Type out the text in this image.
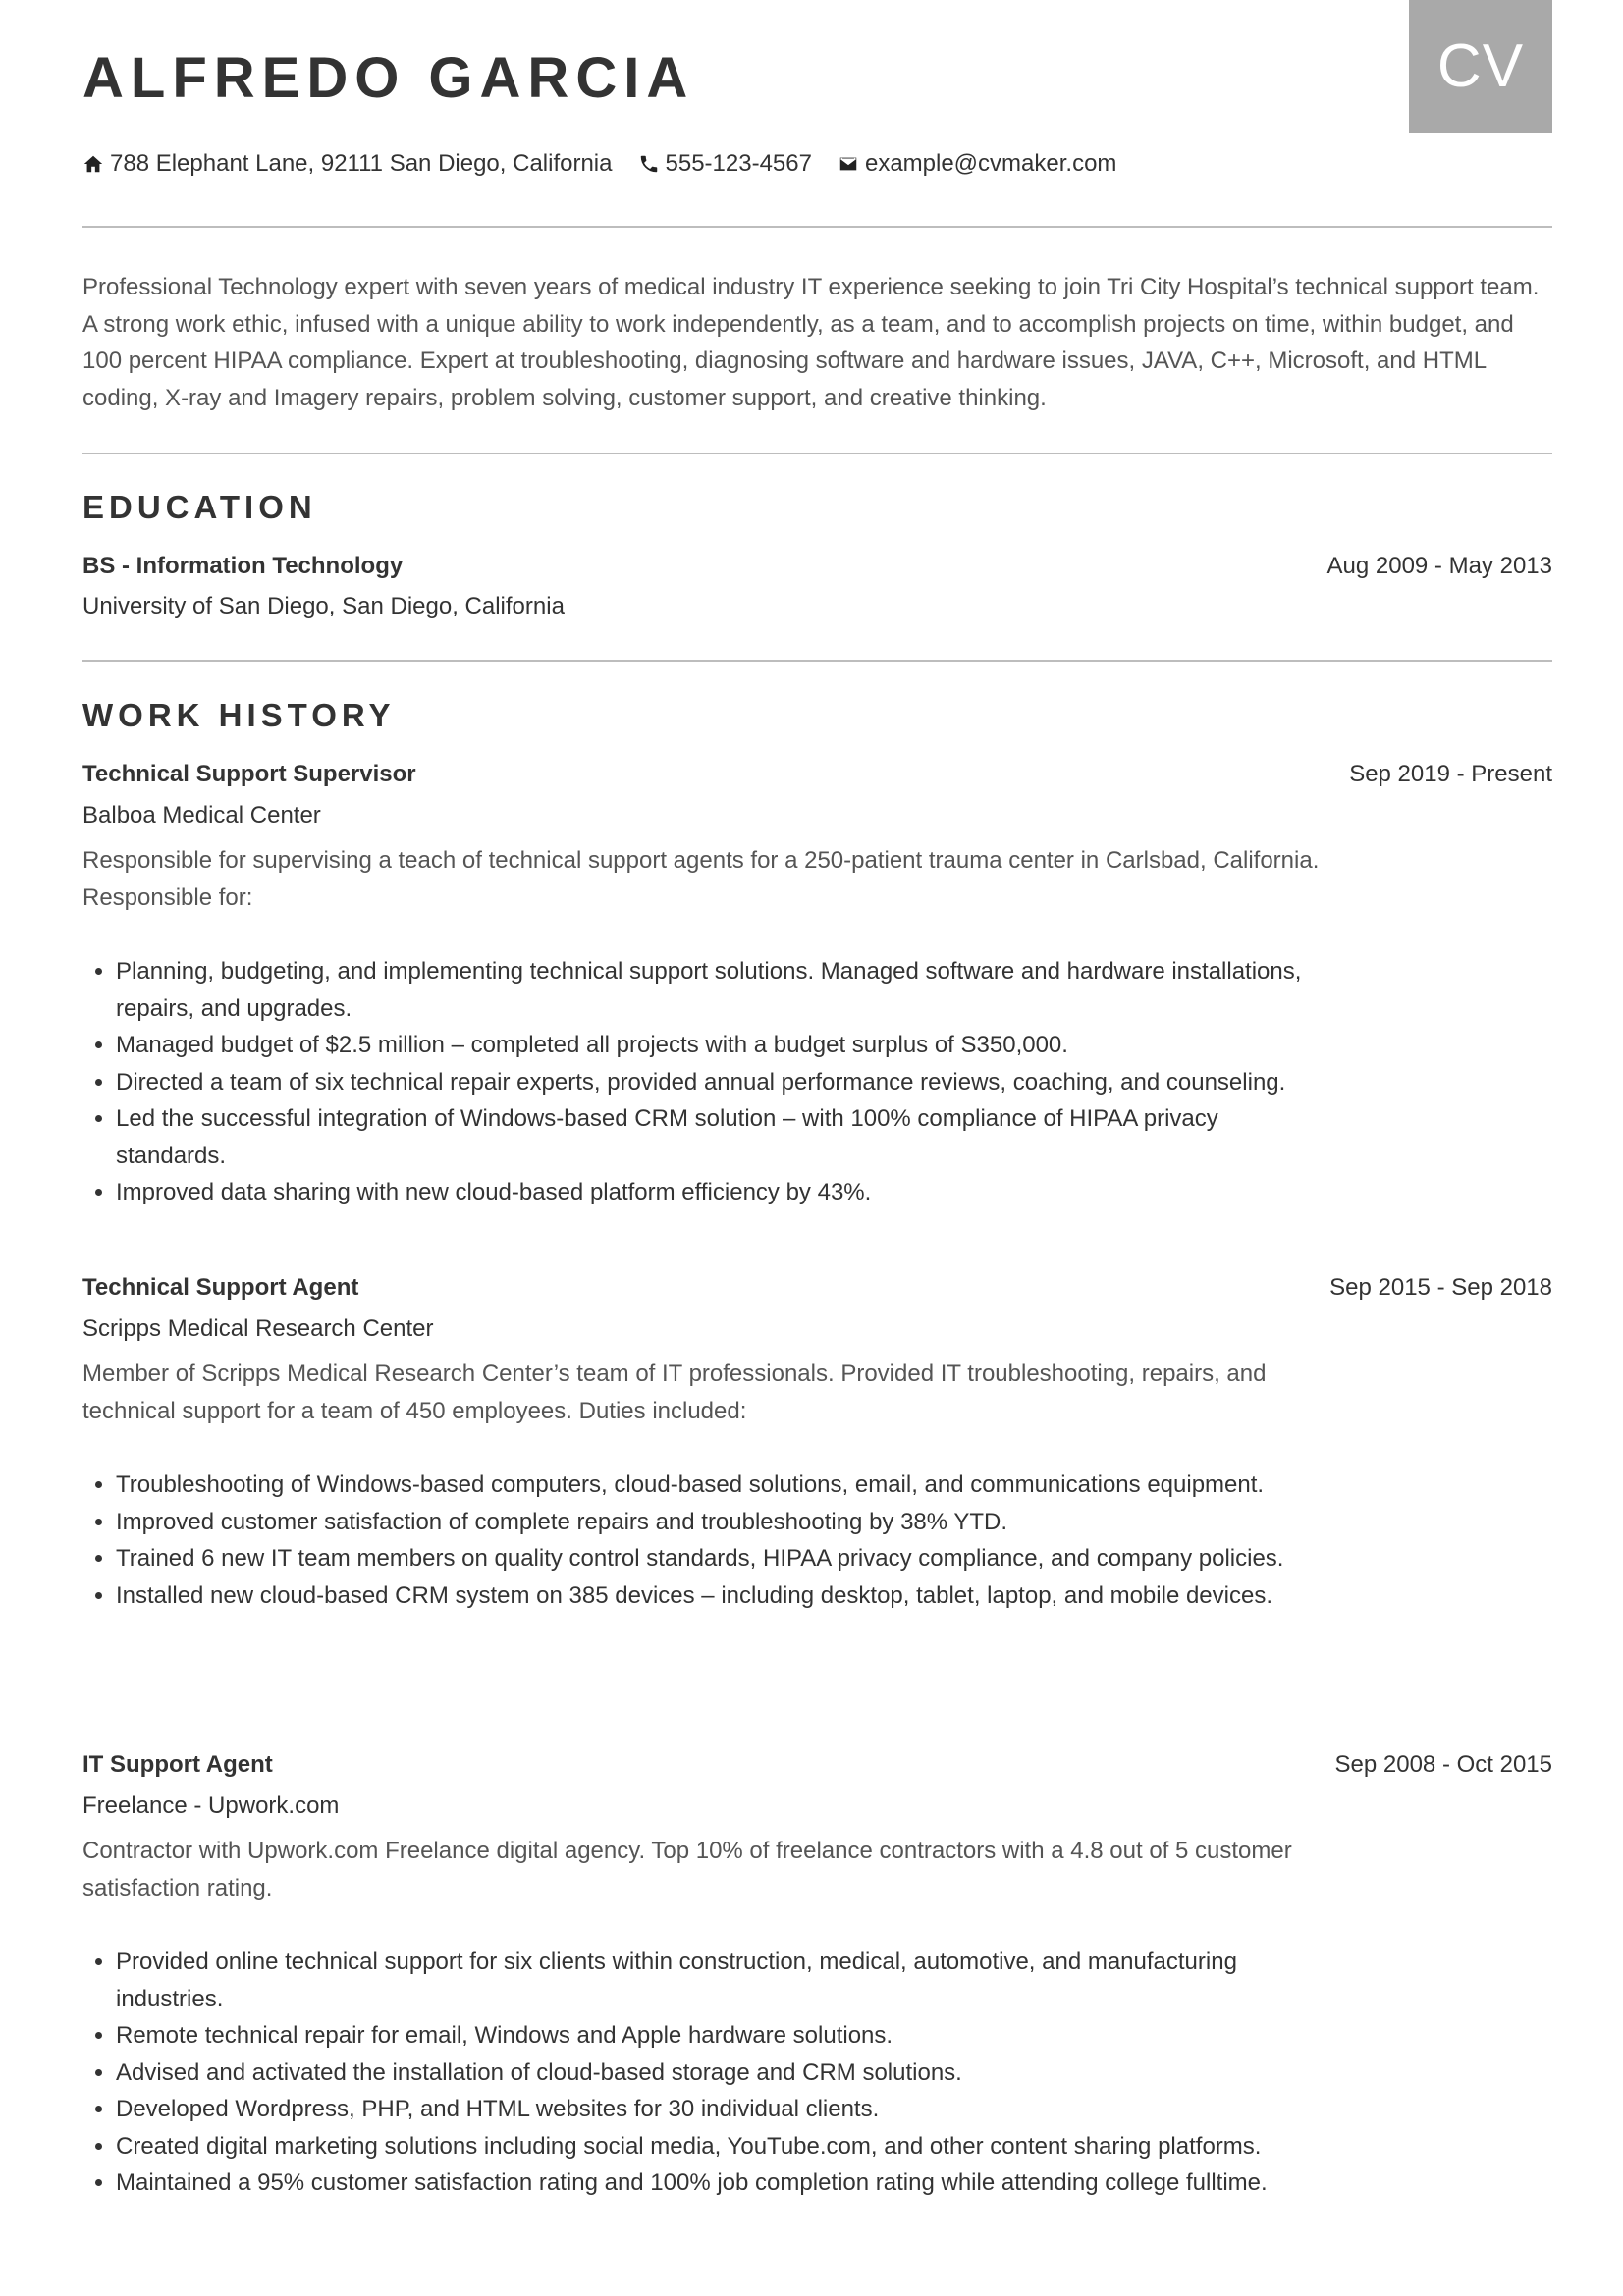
CV
ALFREDO GARCIA
788 Elephant Lane, 92111 San Diego, California 555-123-4567 example@cvmaker.com

Professional Technology expert with seven years of medical industry IT experience seeking to join Tri City Hospital’s technical support team. A strong work ethic, infused with a unique ability to work independently, as a team, and to accomplish projects on time, within budget, and 100 percent HIPAA compliance. Expert at troubleshooting, diagnosing software and hardware issues, JAVA, C++, Microsoft, and HTML coding, X-ray and Imagery repairs, problem solving, customer support, and creative thinking.

EDUCATION
BS - Information Technology	Aug 2009 - May 2013
University of San Diego, San Diego, California
WORK HISTORY
Technical Support Supervisor	Sep 2019 - Present
Balboa Medical Center

Responsible for supervising a teach of technical support agents for a 250-patient trauma center in Carlsbad, California. Responsible for:

• Planning, budgeting, and implementing technical support solutions. Managed software and hardware installations, repairs, and upgrades.
• Managed budget of $2.5 million – completed all projects with a budget surplus of S350,000.
• Directed a team of six technical repair experts, provided annual performance reviews, coaching, and counseling.
• Led the successful integration of Windows-based CRM solution – with 100% compliance of HIPAA privacy standards.
• Improved data sharing with new cloud-based platform efficiency by 43%.
Technical Support Agent	Sep 2015 - Sep 2018
Scripps Medical Research Center

Member of Scripps Medical Research Center’s team of IT professionals. Provided IT troubleshooting, repairs, and technical support for a team of 450 employees. Duties included:

• Troubleshooting of Windows-based computers, cloud-based solutions, email, and communications equipment.
• Improved customer satisfaction of complete repairs and troubleshooting by 38% YTD.
• Trained 6 new IT team members on quality control standards, HIPAA privacy compliance, and company policies.
• Installed new cloud-based CRM system on 385 devices – including desktop, tablet, laptop, and mobile devices.
IT Support Agent	Sep 2008 - Oct 2015
Freelance - Upwork.com

Contractor with Upwork.com Freelance digital agency. Top 10% of freelance contractors with a 4.8 out of 5 customer satisfaction rating.

• Provided online technical support for six clients within construction, medical, automotive, and manufacturing industries.
• Remote technical repair for email, Windows and Apple hardware solutions.
• Advised and activated the installation of cloud-based storage and CRM solutions.
• Developed Wordpress, PHP, and HTML websites for 30 individual clients.
• Created digital marketing solutions including social media, YouTube.com, and other content sharing platforms.
• Maintained a 95% customer satisfaction rating and 100% job completion rating while attending college fulltime.
